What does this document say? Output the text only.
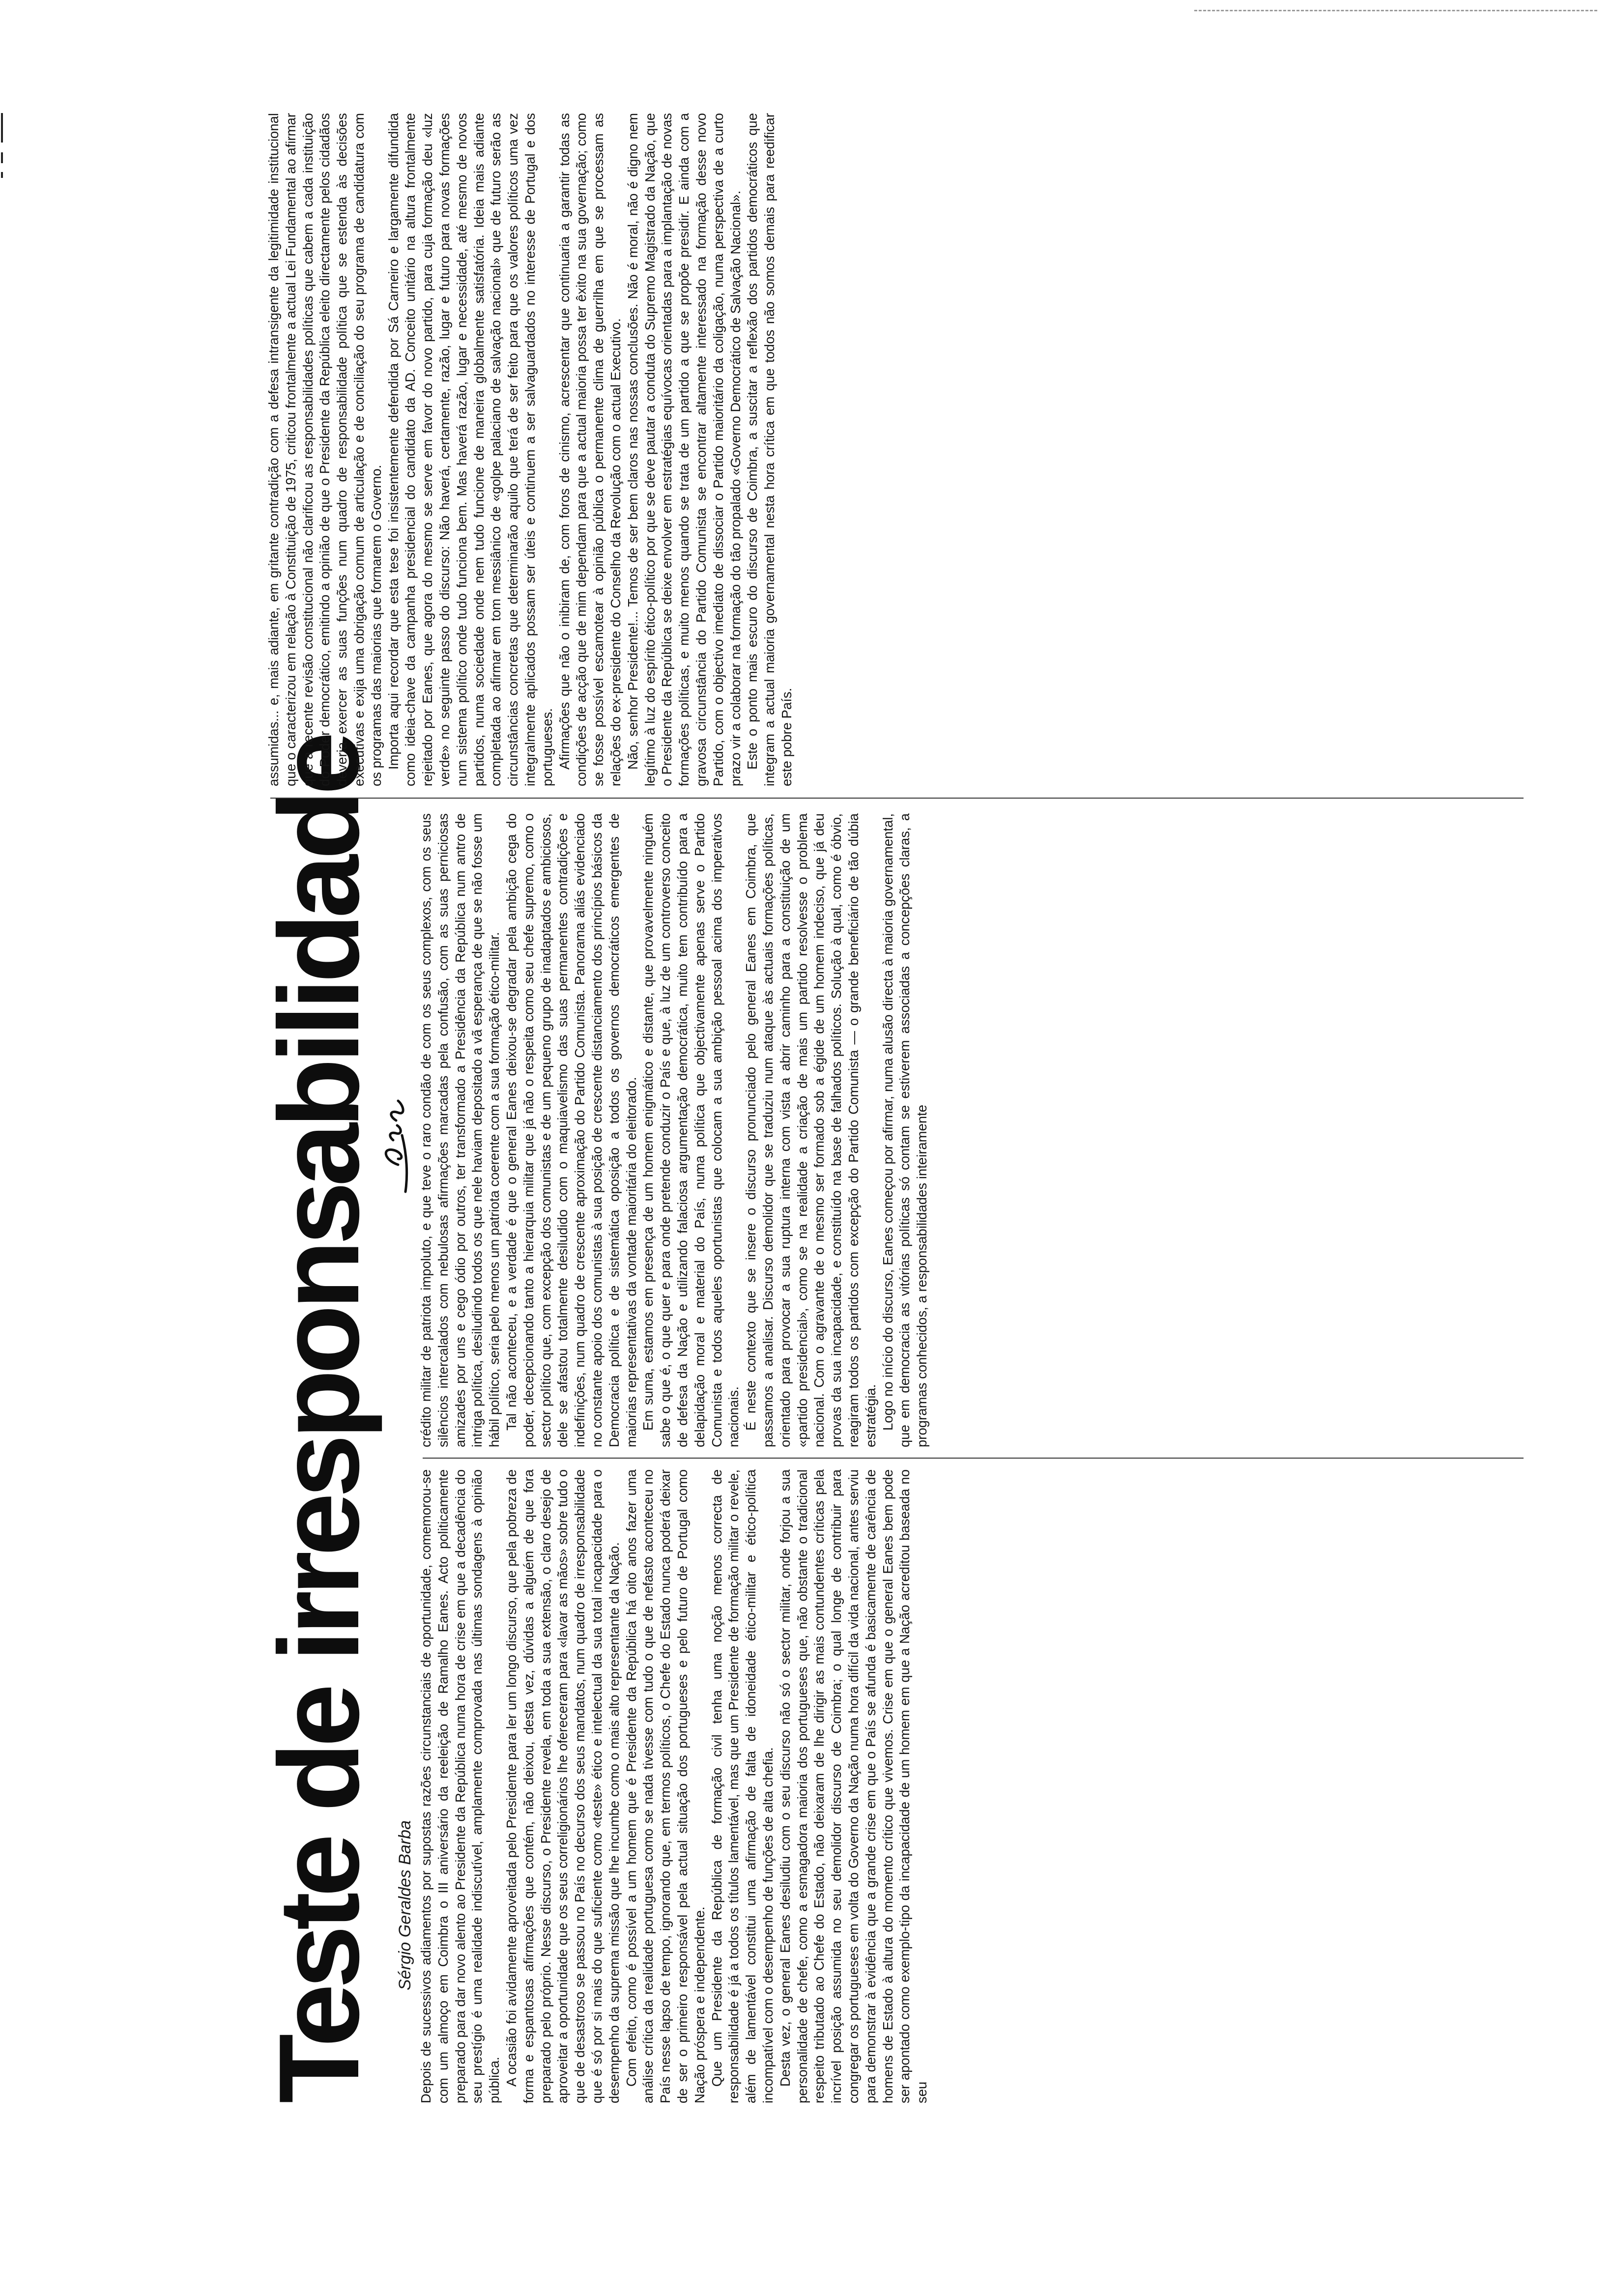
Teste de irresponsabilidade Sérgio Geraldes Barba Depois de sucessivos adiamentos por supostas razões circunstanciais de oportunidade, comemorou-se com um almoço em Coimbra o III aniversário da reeleição de Ramalho Eanes. Acto politicamente preparado para dar novo alento ao Presidente da República numa hora de crise em que a decadência do seu prestígio é uma realidade indiscutível, amplamente comprovada nas últimas sondagens à opinião pública. A ocasião foi avidamente aproveitada pelo Presidente para ler um longo discurso, que pela pobreza de forma e espantosas afirmações que contém, não deixou, desta vez, dúvidas a alguém de que fora preparado pelo próprio. Nesse discurso, o Presidente revela, em toda a sua extensão, o claro desejo de aproveitar a oportunidade que os seus correligionários lhe ofereceram para «lavar as mãos» sobre tudo o que de desastroso se passou no País no decurso dos seus mandatos, num quadro de irresponsabilidade que é só por si mais do que suficiente como «teste» ético e intelectual da sua total incapacidade para o desempenho da suprema missão que lhe incumbe como o mais alto representante da Nação. Com efeito, como é possível a um homem que é Presidente da República há oito anos fazer uma análise crítica da realidade portuguesa como se nada tivesse com tudo o que de nefasto aconteceu no País nesse lapso de tempo, ignorando que, em termos políticos, o Chefe do Estado nunca poderá deixar de ser o primeiro responsável pela actual situação dos portugueses e pelo futuro de Portugal como Nação próspera e independente. Que um Presidente da República de formação civil tenha uma noção menos correcta de responsabilidade é já a todos os títulos lamentável, mas que um Presidente de formação militar o revele, além de lamentável constitui uma afirmação de falta de idoneidade ético-militar e ético-política incompatível com o desempenho de funções de alta chefia. Desta vez, o general Eanes desiludiu com o seu discurso não só o sector militar, onde forjou a sua personalidade de chefe, como a esmagadora maioria dos portugueses que, não obstante o tradicional respeito tributado ao Chefe do Estado, não deixaram de lhe dirigir as mais contundentes críticas pela incrível posição assumida no seu demolidor discurso de Coimbra; o qual longe de contribuir para congregar os portugueses em volta do Governo da Nação numa hora difícil da vida nacional, antes serviu para demonstrar à evidência que a grande crise em que o País se afunda é basicamente de carência de homens de Estado à altura do momento crítico que vivemos. Crise em que o general Eanes bem pode ser apontado como exemplo-tipo da incapacidade de um homem em que a Nação acreditou baseada no seu

crédito militar de patriota impoluto, e que teve o raro condão de com os seus complexos, com os seus silêncios intercalados com nebulosas afirmações marcadas pela confusão, com as suas perniciosas amizades por uns e cego ódio por outros, ter transformado a Presidência da República num antro de intriga política, desiludindo todos os que nele haviam depositado a vã esperança de que se não fosse um hábil político, seria pelo menos um patriota coerente com a sua formação ético-militar. Tal não aconteceu, e a verdade é que o general Eanes deixou-se degradar pela ambição cega do poder, decepcionando tanto a hierarquia militar que já não o respeita como seu chefe supremo, como o sector político que, com excepção dos comunistas e de um pequeno grupo de inadaptados e ambiciosos, dele se afastou totalmente desiludido com o maquiavelismo das suas permanentes contradições e indefinições, num quadro de crescente aproximação do Partido Comunista. Panorama aliás evidenciado no constante apoio dos comunistas à sua posição de crescente distanciamento dos princípios básicos da Democracia política e de sistemática oposição a todos os governos democráticos emergentes de maiorias representativas da vontade maioritária do eleitorado. Em suma, estamos em presença de um homem enigmático e distante, que provavelmente ninguém sabe o que é, o que quer e para onde pretende conduzir o País e que, à luz de um controverso conceito de defesa da Nação e utilizando falaciosa argumentação democrática, muito tem contribuído para a delapidação moral e material do País, numa política que objectivamente apenas serve o Partido Comunista e todos aqueles oportunistas que colocam a sua ambição pessoal acima dos imperativos nacionais. É neste contexto que se insere o discurso pronunciado pelo general Eanes em Coimbra, que passamos a analisar. Discurso demolidor que se traduziu num ataque às actuais formações políticas, orientado para provocar a sua ruptura interna com vista a abrir caminho para a constituição de um «partido presidencial», como se na realidade a criação de mais um partido resolvesse o problema nacional. Com o agravante de o mesmo ser formado sob a égide de um homem indeciso, que já deu provas da sua incapacidade, e constituído na base de falhados políticos. Solução à qual, como é óbvio, reagiram todos os partidos com excepção do Partido Comunista — o grande beneficiário de tão dúbia estratégia. Logo no início do discurso, Eanes começou por afirmar, numa alusão directa à maioria governamental, que em democracia as vitórias políticas só contam se estiverem associadas a concepções claras, a programas conhecidos, a responsabilidades inteiramente

assumidas... e, mais adiante, em gritante contradição com a defesa intransigente da legitimidade institucional que o caracterizou em relação à Constituição de 1975, criticou frontalmente a actual Lei Fundamental ao afirmar que a recente revisão constitucional não clarificou as responsabilidades políticas que cabem a cada instituição do Poder democrático, emitindo a opinião de que o Presidente da República eleito directamente pelos cidadãos deveria exercer as suas funções num quadro de responsabilidade política que se estenda às decisões executivas e exija uma obrigação comum de articulação e de conciliação do seu programa de candidatura com os programas das maiorias que formarem o Governo. Importa aqui recordar que esta tese foi insistentemente defendida por Sá Carneiro e largamente difundida como ideia-chave da campanha presidencial do candidato da AD. Conceito unitário na altura frontalmente rejeitado por Eanes, que agora do mesmo se serve em favor do novo partido, para cuja formação deu «luz verde» no seguinte passo do discurso: Não haverá, certamente, razão, lugar e futuro para novas formações num sistema político onde tudo funciona bem. Mas haverá razão, lugar e necessidade, até mesmo de novos partidos, numa sociedade onde nem tudo funcione de maneira globalmente satisfatória. Ideia mais adiante completada ao afirmar em tom messiânico de «golpe palaciano de salvação nacional» que de futuro serão as circunstâncias concretas que determinarão aquilo que terá de ser feito para que os valores políticos uma vez integralmente aplicados possam ser úteis e continuem a ser salvaguardados no interesse de Portugal e dos portugueses. Afirmações que não o inibiram de, com foros de cinismo, acrescentar que continuaria a garantir todas as condições de acção que de mim dependam para que a actual maioria possa ter êxito na sua governação; como se fosse possível escamotear à opinião pública o permanente clima de guerrilha em que se processam as relações do ex-presidente do Conselho da Revolução com o actual Executivo. Não, senhor Presidente!... Temos de ser bem claros nas nossas conclusões. Não é moral, não é digno nem legítimo à luz do espírito ético-político por que se deve pautar a conduta do Supremo Magistrado da Nação, que o Presidente da República se deixe envolver em estratégias equívocas orientadas para a implantação de novas formações políticas, e muito menos quando se trata de um partido a que se propõe presidir. E ainda com a gravosa circunstância do Partido Comunista se encontrar altamente interessado na formação desse novo Partido, com o objectivo imediato de dissociar o Partido maioritário da coligação, numa perspectiva de a curto prazo vir a colaborar na formação do tão propalado «Governo Democrático de Salvação Nacional». Este o ponto mais escuro do discurso de Coimbra, a suscitar a reflexão dos partidos democráticos que integram a actual maioria governamental nesta hora crítica em que todos não somos demais para reedificar este pobre País.
